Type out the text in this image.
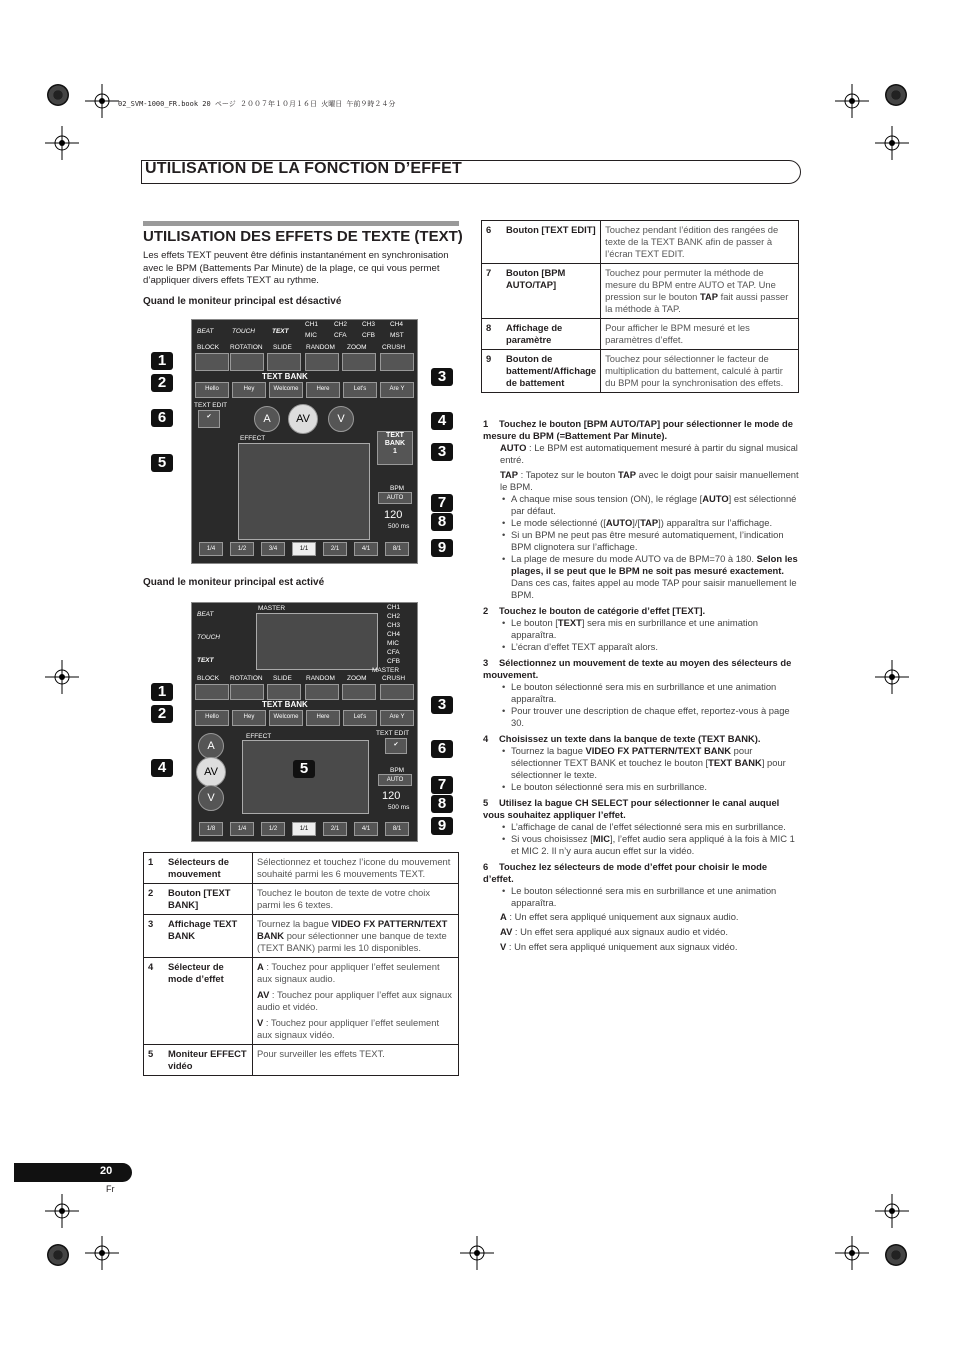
02_SVM-1000_FR.book 20 ページ ２００７年１０月１６日 火曜日 午前９時２４分
UTILISATION DE LA FONCTION D’EFFET
UTILISATION DES EFFETS DE TEXTE (TEXT)
Les effets TEXT peuvent être définis instantanément en synchronisation avec le BPM (Battements Par Minute) de la plage, ce qui vous permet d’appliquer divers effets TEXT au rythme.
Quand le moniteur principal est désactivé
BEAT	TOUCH	TEXT
CH1 CH2 CH3 CH4
MIC	CFA CFB MST
BLOCK ROTATION SLIDE RANDOM ZOOM CRUSH
TEXT BANK
Hello	Hey	Welcome	Here	Let's	Are Y
TEXT EDIT
✔	A	AV	V
EFFECT	TEXT BANK
1
BPM
AUTO
120
500 ms
1/4	1/2	3/4	1/1	2/1	4/1	8/1
1
2
6
5
3
4
3
7
8
9
Quand le moniteur principal est activé
BEAT
TOUCH
TEXT
MASTER	CH1
CH2
CH3
CH4
MIC
CFA
CFB
MASTER
BLOCK ROTATION SLIDE RANDOM ZOOM CRUSH
TEXT BANK
Hello	Hey	Welcome	Here	Let's	Are Y
A
AV
V
EFFECT	TEXT EDIT
✔
BPM
AUTO
120
500 ms
1/8	1/4	1/2	1/1	2/1	4/1	8/1
1
2
4	5
3
6
7
8
9
1	Sélecteurs de mouvement	Sélectionnez et touchez l’icone du mouvement souhaité parmi les 6 mouvements TEXT.
2	Bouton [TEXT BANK]	Touchez le bouton de texte de votre choix parmi les 6 textes.
3	Affichage TEXT BANK	Tournez la bague VIDEO FX PATTERN/TEXT BANK pour sélectionner une banque de texte (TEXT BANK) parmi les 10 disponibles.
4	Sélecteur de mode d’effet	A : Touchez pour appliquer l’effet seulement aux signaux audio.
AV : Touchez pour appliquer l’effet aux signaux audio et vidéo.
V : Touchez pour appliquer l’effet seulement aux signaux vidéo.

5	Moniteur EFFECT vidéo	Pour surveiller les effets TEXT.
6	Bouton [TEXT EDIT]	Touchez pendant l’édition des rangées de texte de la TEXT BANK afin de passer à l’écran TEXT EDIT.
7	Bouton [BPM AUTO/TAP]	Touchez pour permuter la méthode de mesure du BPM entre AUTO et TAP. Une pression sur le bouton TAP fait aussi passer la méthode à TAP.
8	Affichage de paramètre	Pour afficher le BPM mesuré et les paramètres d’effet.
9	Bouton de battement/Affichage de battement	Touchez pour sélectionner le facteur de multiplication du battement, calculé à partir du BPM pour la synchronisation des effets.
1 Touchez le bouton [BPM AUTO/TAP] pour sélectionner le mode de mesure du BPM (=Battement Par Minute).
AUTO : Le BPM est automatiquement mesuré à partir du signal musical entré.
TAP : Tapotez sur le bouton TAP avec le doigt pour saisir manuellement le BPM.
• A chaque mise sous tension (ON), le réglage [AUTO] est sélectionné par défaut.
• Le mode sélectionné ([AUTO]/[TAP]) apparaîtra sur l’affichage.
• Si un BPM ne peut pas être mesuré automatiquement, l’indication BPM clignotera sur l’affichage.
• La plage de mesure du mode AUTO va de BPM=70 à 180. Selon les plages, il se peut que le BPM ne soit pas mesuré exactement. Dans ces cas, faites appel au mode TAP pour saisir manuellement le BPM.
2 Touchez le bouton de catégorie d’effet [TEXT].
• Le bouton [TEXT] sera mis en surbrillance et une animation apparaîtra.
• L’écran d’effet TEXT apparaît alors.
3 Sélectionnez un mouvement de texte au moyen des sélecteurs de mouvement.
• Le bouton sélectionné sera mis en surbrillance et une animation apparaîtra.
• Pour trouver une description de chaque effet, reportez-vous à page 30.
4 Choisissez un texte dans la banque de texte (TEXT BANK).
• Tournez la bague VIDEO FX PATTERN/TEXT BANK pour sélectionner TEXT BANK et touchez le bouton [TEXT BANK] pour sélectionner le texte.
• Le bouton sélectionné sera mis en surbrillance.
5 Utilisez la bague CH SELECT pour sélectionner le canal auquel vous souhaitez appliquer l’effet.
• L’affichage de canal de l’effet sélectionné sera mis en surbrillance.
• Si vous choisissez [MIC], l’effet audio sera appliqué à la fois à MIC 1 et MIC 2. Il n’y aura aucun effet sur la vidéo.
6 Touchez lez sélecteurs de mode d’effet pour choisir le mode d’effet.
• Le bouton sélectionné sera mis en surbrillance et une animation apparaîtra.
A : Un effet sera appliqué uniquement aux signaux audio.
AV : Un effet sera appliqué aux signaux audio et vidéo.
V : Un effet sera appliqué uniquement aux signaux vidéo.
20
Fr
